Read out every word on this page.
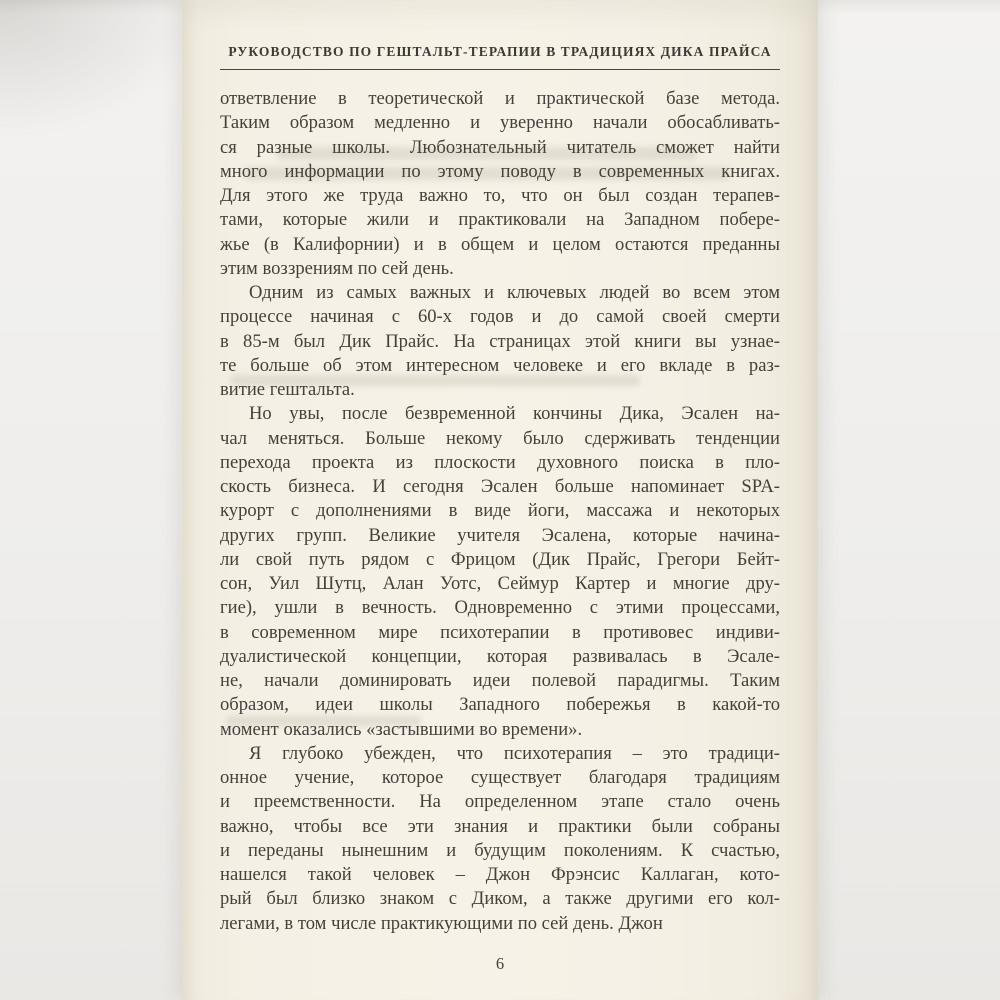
РУКОВОДСТВО ПО ГЕШТАЛЬТ-ТЕРАПИИ В ТРАДИЦИЯХ ДИКА ПРАЙСА
ответвление в теоретической и практической базе метода.
Таким образом медленно и уверенно начали обосабливать-
ся разные школы. Любознательный читатель сможет найти
много информации по этому поводу в современных книгах.
Для этого же труда важно то, что он был создан терапев-
тами, которые жили и практиковали на Западном побере-
жье (в Калифорнии) и в общем и целом остаются преданны
этим воззрениям по сей день.
Одним из самых важных и ключевых людей во всем этом
процессе начиная с 60-х годов и до самой своей смерти
в 85-м был Дик Прайс. На страницах этой книги вы узнае-
те больше об этом интересном человеке и его вкладе в раз-
витие гештальта.
Но увы, после безвременной кончины Дика, Эсален на-
чал меняться. Больше некому было сдерживать тенденции
перехода проекта из плоскости духовного поиска в пло-
скость бизнеса. И сегодня Эсален больше напоминает SPA-
курорт с дополнениями в виде йоги, массажа и некоторых
других групп. Великие учителя Эсалена, которые начина-
ли свой путь рядом с Фрицом (Дик Прайс, Грегори Бейт-
сон, Уил Шутц, Алан Уотс, Сеймур Картер и многие дру-
гие), ушли в вечность. Одновременно с этими процессами,
в современном мире психотерапии в противовес индиви-
дуалистической концепции, которая развивалась в Эсале-
не, начали доминировать идеи полевой парадигмы. Таким
образом, идеи школы Западного побережья в какой-то
момент оказались «застывшими во времени».
Я глубоко убежден, что психотерапия – это традици-
онное учение, которое существует благодаря традициям
и преемственности. На определенном этапе стало очень
важно, чтобы все эти знания и практики были собраны
и переданы нынешним и будущим поколениям. К счастью,
нашелся такой человек – Джон Фрэнсис Каллаган, кото-
рый был близко знаком с Диком, а также другими его кол-
легами, в том числе практикующими по сей день. Джон
6
